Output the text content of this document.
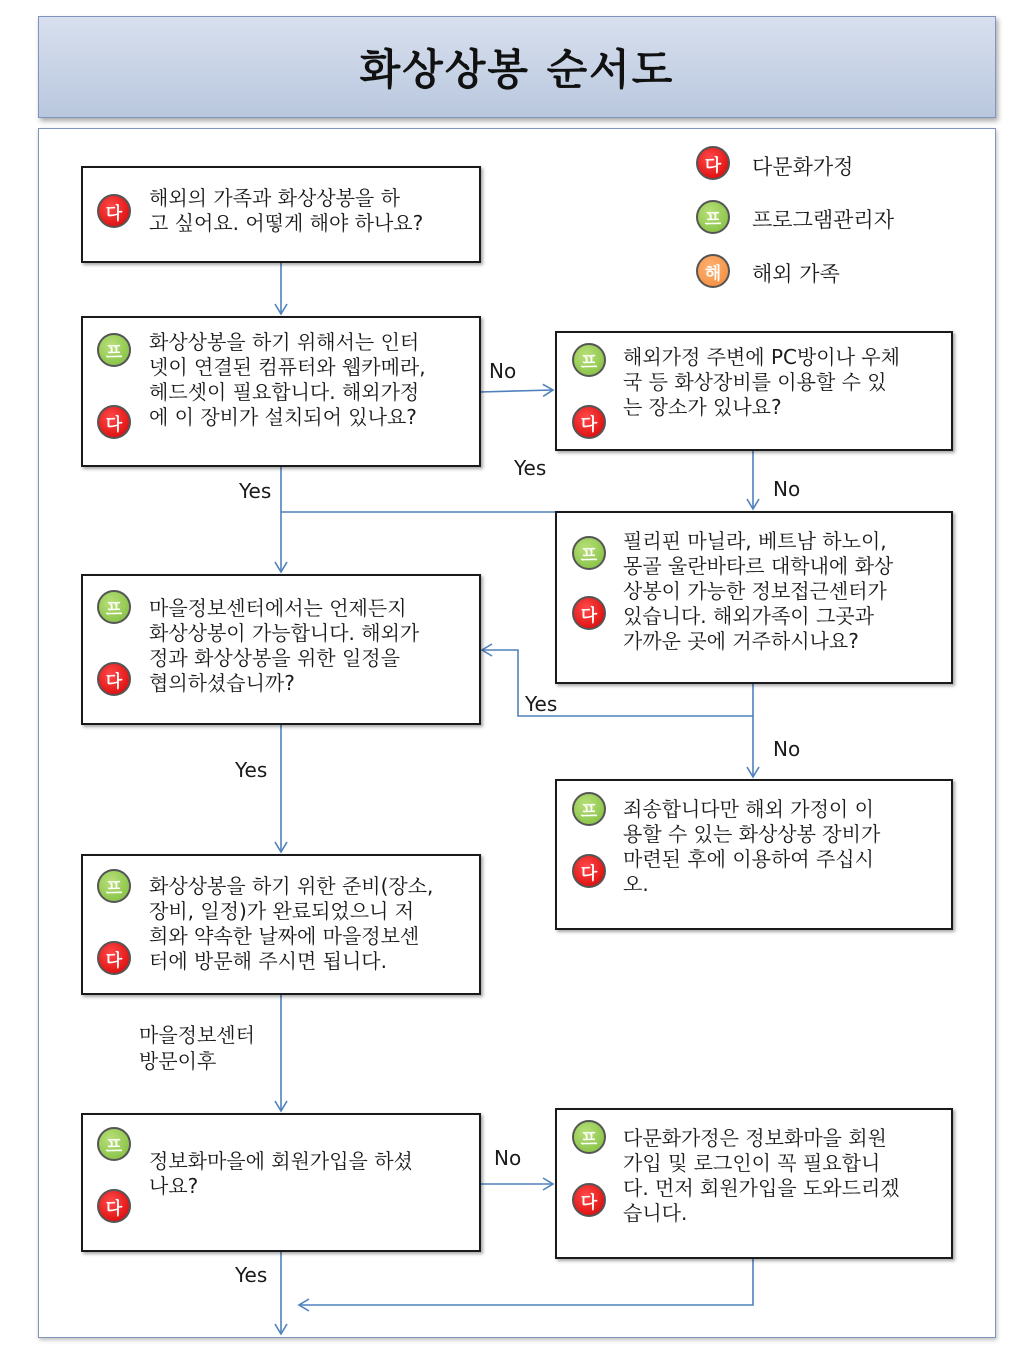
화상상봉 순서도
다 다문화가정
프 프로그램관리자
해 해외 가족
해외의 가족과 화상상봉을 하
고 싶어요. 어떻게 해야 하나요?
다
화상상봉을 하기 위해서는 인터
넷이 연결된 컴퓨터와 웹카메라,
헤드셋이 필요합니다. 해외가정
에 이 장비가 설치되어 있나요?
프
다
해외가정 주변에 PC방이나 우체
국 등 화상장비를 이용할 수 있
는 장소가 있나요?
프
다
필리핀 마닐라, 베트남 하노이,
몽골 울란바타르 대학내에 화상
상봉이 가능한 정보접근센터가
있습니다. 해외가족이 그곳과
가까운 곳에 거주하시나요?
프
다
마을정보센터에서는 언제든지
화상상봉이 가능합니다. 해외가
정과 화상상봉을 위한 일정을
협의하셨습니까?
프
다
죄송합니다만 해외 가정이 이
용할 수 있는 화상상봉 장비가
마련된 후에 이용하여 주십시
오.
프
다
화상상봉을 하기 위한 준비(장소,
장비, 일정)가 완료되었으니 저
희와 약속한 날짜에 마을정보센
터에 방문해 주시면 됩니다.
프
다
정보화마을에 회원가입을 하셨
나요?
프
다
다문화가정은 정보화마을 회원
가입 및 로그인이 꼭 필요합니
다. 먼저 회원가입을 도와드리겠
습니다.
프
다
No
Yes
Yes	No
Yes
No
Yes
마을정보센터
방문이후
No
Yes
